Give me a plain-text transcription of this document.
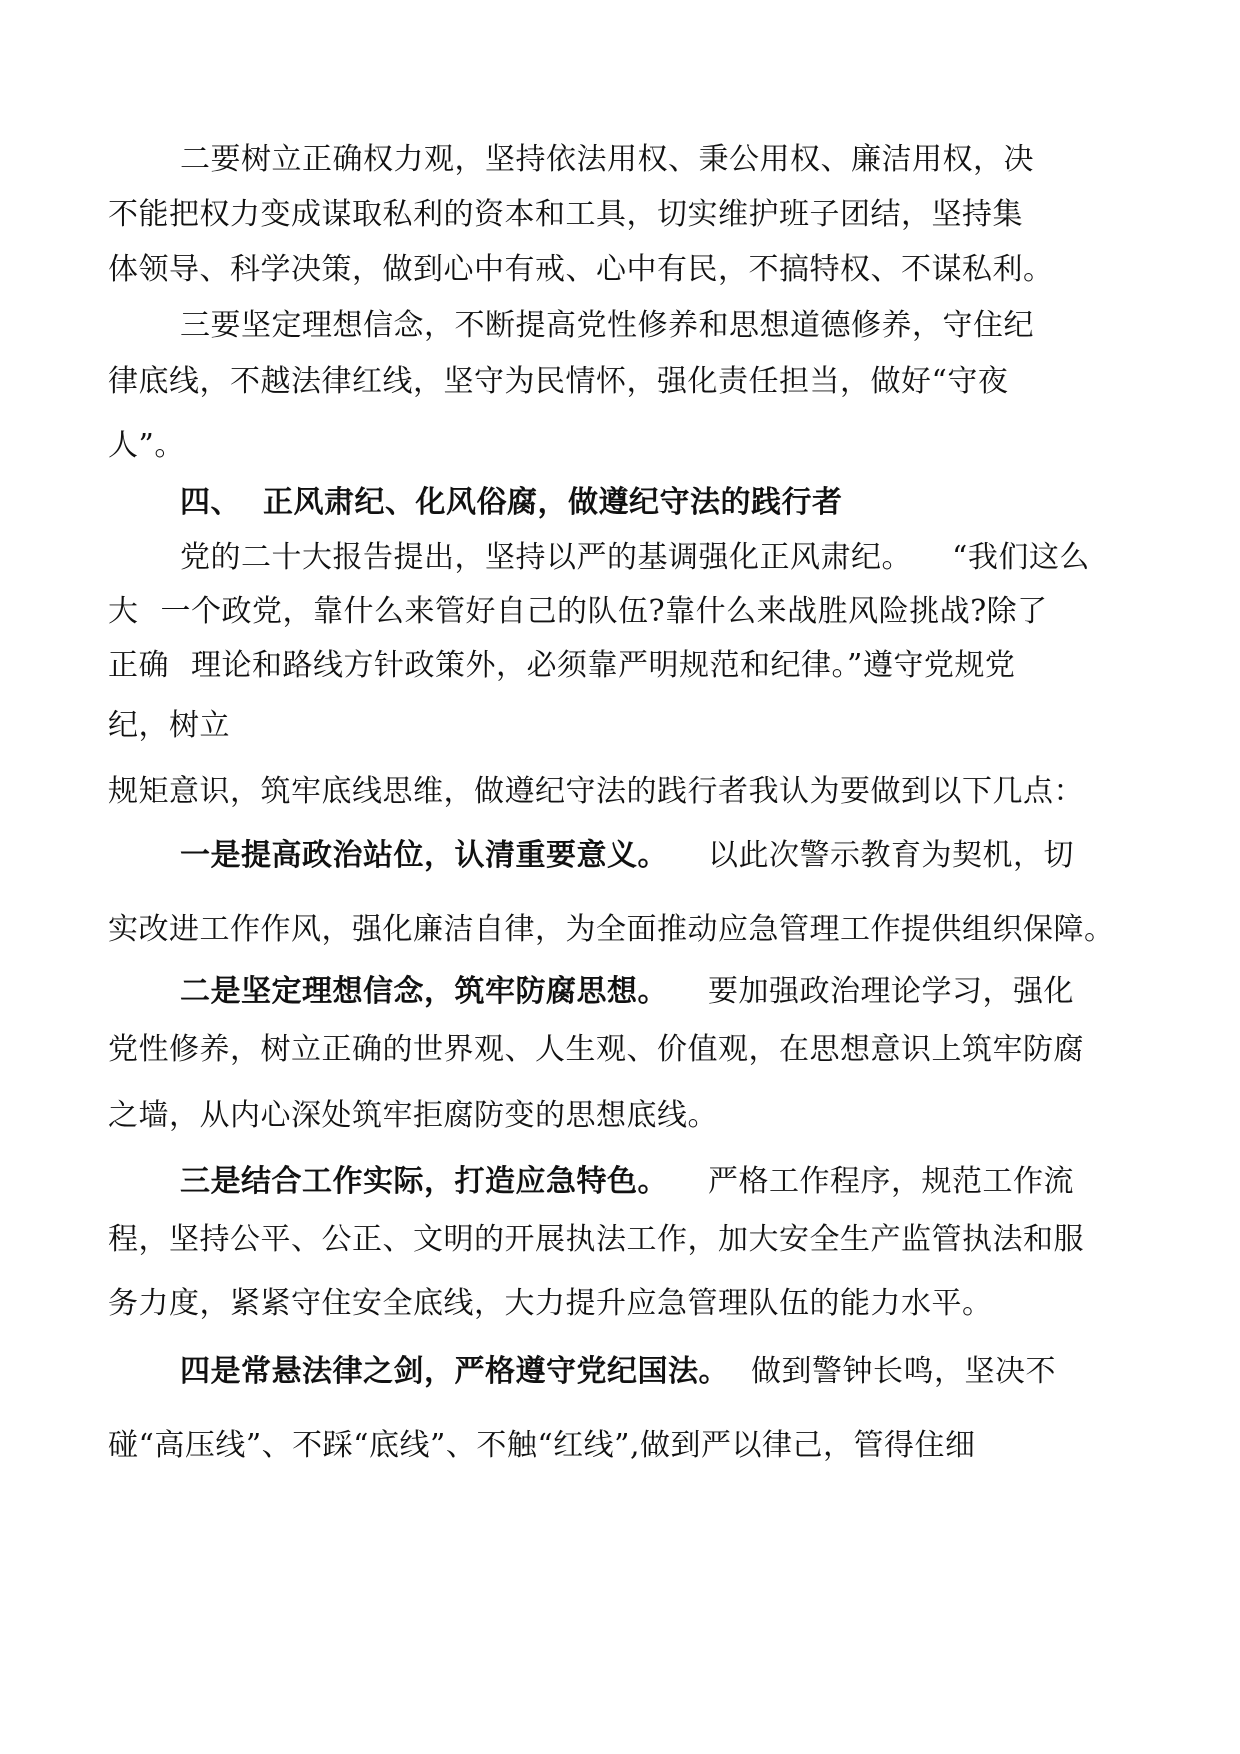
二要树立正确权力观，坚持依法用权、秉公用权、廉洁用权，决
不能把权力变成谋取私利的资本和工具，切实维护班子团结，坚持集
体领导、科学决策，做到心中有戒、心中有民，不搞特权、不谋私利。
三要坚定理想信念，不断提高党性修养和思想道德修养，守住纪
律底线，不越法律红线，坚守为民情怀，强化责任担当，做好“守夜
人”。
四、 正风肃纪、化风俗腐，做遵纪守法的践行者
党的二十大报告提出，坚持以严的基调强化正风肃纪。 “我们这么
大 一个政党，靠什么来管好自己的队伍?靠什么来战胜风险挑战?除了
正确 理论和路线方针政策外，必须靠严明规范和纪律。”遵守党规党
纪，树立
规矩意识，筑牢底线思维，做遵纪守法的践行者我认为要做到以下几点：
一是提高政治站位，认清重要意义。 以此次警示教育为契机，切
实改进工作作风，强化廉洁自律，为全面推动应急管理工作提供组织保障。
二是坚定理想信念，筑牢防腐思想。 要加强政治理论学习，强化
党性修养，树立正确的世界观、人生观、价值观，在思想意识上筑牢防腐
之墙，从内心深处筑牢拒腐防变的思想底线。
三是结合工作实际，打造应急特色。 严格工作程序，规范工作流
程，坚持公平、公正、文明的开展执法工作，加大安全生产监管执法和服
务力度，紧紧守住安全底线，大力提升应急管理队伍的能力水平。
四是常悬法律之剑，严格遵守党纪国法。 做到警钟长鸣，坚决不
碰“高压线”、不踩“底线”、不触“红线”,做到严以律己，管得住细
